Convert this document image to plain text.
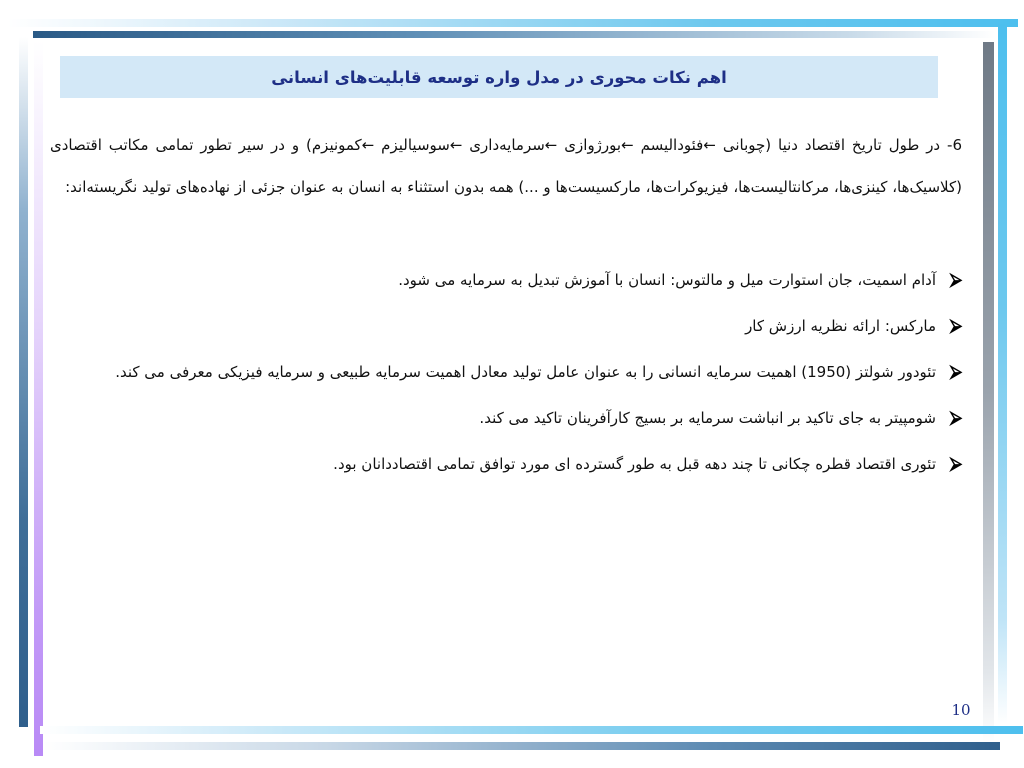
اهم نکات محوری در مدل واره توسعه قابلیت‌های انسانی

6- در طول تاریخ اقتصاد دنیا (چوبانی ←فئودالیسم ←بورژوازی ←سرمایه‌داری ←سوسیالیزم ←کمونیزم) و در سیر تطور تمامی مکاتب اقتصادی (کلاسیک‌ها، کینزی‌ها، مرکانتالیست‌ها، فیزیوکرات‌ها، مارکسیست‌ها و ...) همه بدون استثناء به انسان به عنوان جزئی از نهاده‌های تولید نگریسته‌اند:

⮚
آدام اسمیت، جان استوارت میل و مالتوس: انسان با آموزش تبدیل به سرمایه می شود.
⮚
مارکس: ارائه نظریه ارزش کار
⮚
تئودور شولتز (1950) اهمیت سرمایه انسانی را به عنوان عامل تولید معادل اهمیت سرمایه طبیعی و سرمایه فیزیکی معرفی می کند.
⮚
شومپیتر به جای تاکید بر انباشت سرمایه بر بسیج کارآفرینان تاکید می کند.
⮚
تئوری اقتصاد قطره چکانی تا چند دهه قبل به طور گسترده ای مورد توافق تمامی اقتصاددانان بود.
10
